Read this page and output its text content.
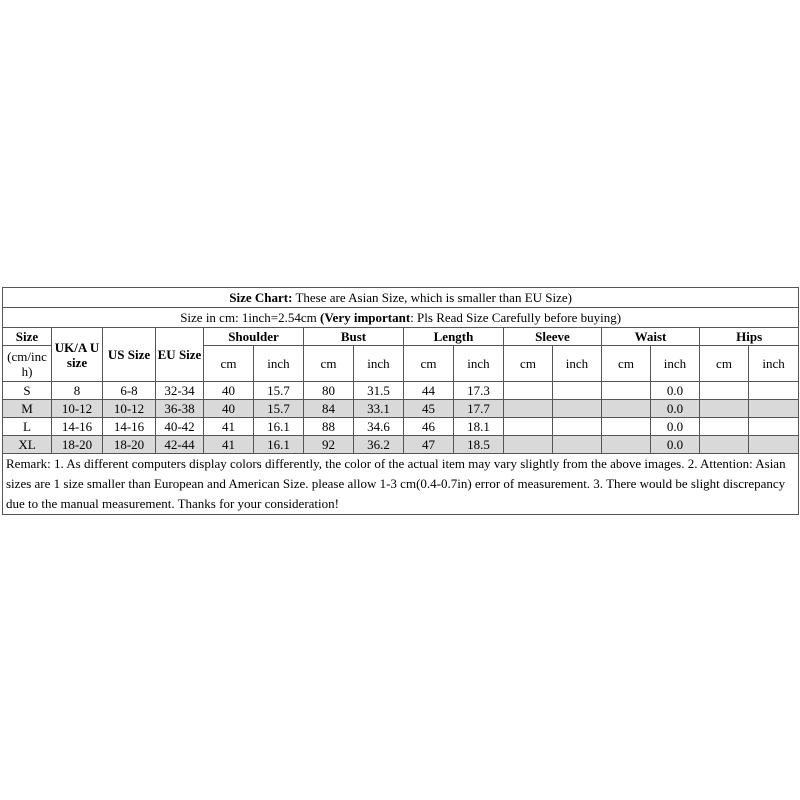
Size Chart: These are Asian Size, which is smaller than EU Size)															
Size in cm: 1inch=2.54cm (Very important: Pls Read Size Carefully before buying)															
Size	UK/A U size	US Size	EU Size	Shoulder		Bust		Length		Sleeve		Waist		Hips	
(cm/inc h)				cm	inch	cm	inch	cm	inch	cm	inch	cm	inch	cm	inch
S	8	6-8	32-34	40	15.7	80	31.5	44	17.3				0.0		
M	10-12	10-12	36-38	40	15.7	84	33.1	45	17.7				0.0		
L	14-16	14-16	40-42	41	16.1	88	34.6	46	18.1				0.0		
XL	18-20	18-20	42-44	41	16.1	92	36.2	47	18.5				0.0		
Remark: 1. As different computers display colors differently, the color of the actual item may vary slightly from the above images. 2. Attention: Asian sizes are 1 size smaller than European and American Size. please allow 1-3 cm(0.4-0.7in) error of measurement. 3. There would be slight discrepancy due to the manual measurement. Thanks for your consideration!															
